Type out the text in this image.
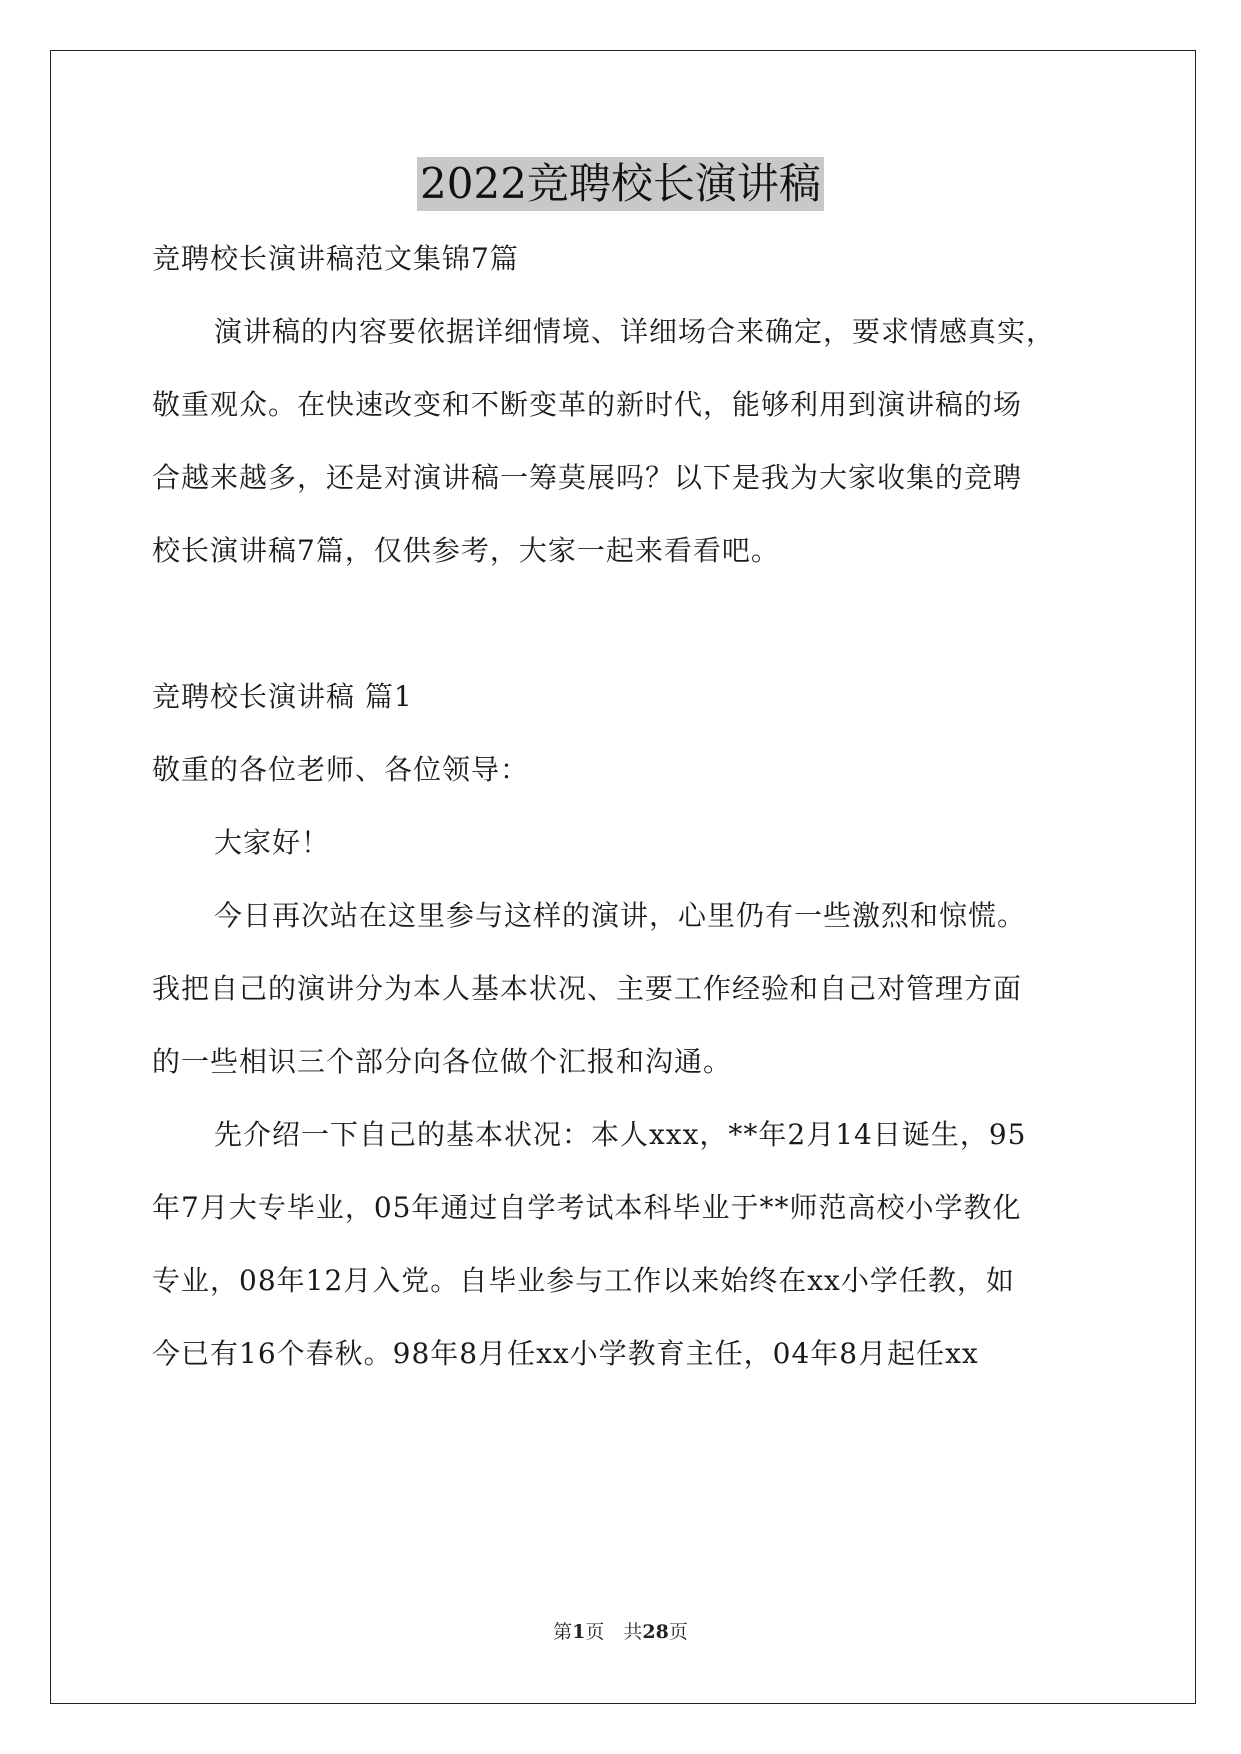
2022竞聘校长演讲稿
竞聘校长演讲稿范文集锦7篇
演讲稿的内容要依据详细情境、详细场合来确定，要求情感真实，
敬重观众。在快速改变和不断变革的新时代，能够利用到演讲稿的场
合越来越多，还是对演讲稿一筹莫展吗？以下是我为大家收集的竞聘
校长演讲稿7篇，仅供参考，大家一起来看看吧。
竞聘校长演讲稿 篇1
敬重的各位老师、各位领导：
大家好！
今日再次站在这里参与这样的演讲，心里仍有一些激烈和惊慌。
我把自己的演讲分为本人基本状况、主要工作经验和自己对管理方面
的一些相识三个部分向各位做个汇报和沟通。
先介绍一下自己的基本状况：本人xxx，**年2月14日诞生，95
年7月大专毕业，05年通过自学考试本科毕业于**师范高校小学教化
专业，08年12月入党。自毕业参与工作以来始终在xx小学任教，如
今已有16个春秋。98年8月任xx小学教育主任，04年8月起任xx
第1页　共28页
